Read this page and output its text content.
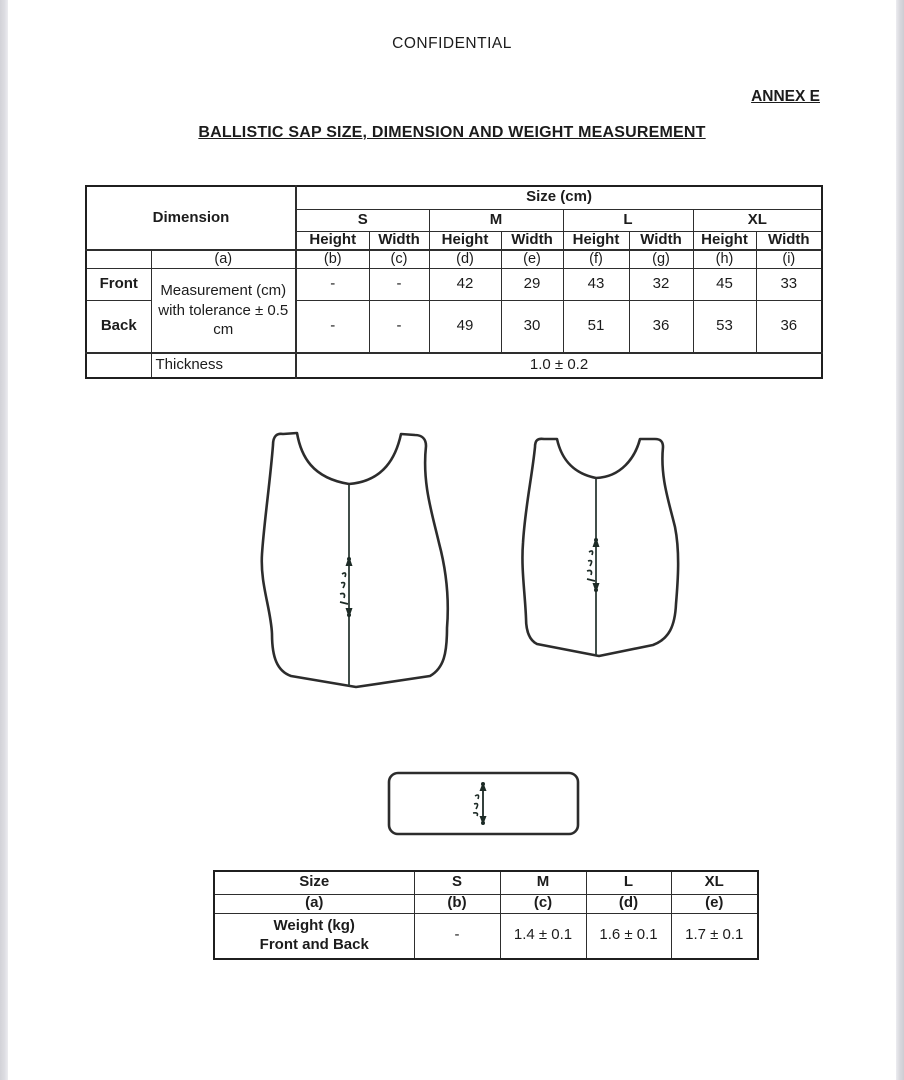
CONFIDENTIAL
ANNEX E
BALLISTIC SAP SIZE, DIMENSION AND WEIGHT MEASUREMENT
Dimension		Size (cm)							
		S		M		L		XL	
		Height	Width	Height	Width	Height	Width	Height	Width
	(a)	(b)	(c)	(d)	(e)	(f)	(g)	(h)	(i)
Front	Measurement (cm) with tolerance ± 0.5 cm	-	-	42	29	43	32	45	33
Back		-	-	49	30	51	36	53	36
	Thickness	1.0 ± 0.2							
Size	S	M	L	XL
(a)	(b)	(c)	(d)	(e)

Weight (kg)
Front and Back	-	1.4 ± 0.1	1.6 ± 0.1	1.7 ± 0.1
